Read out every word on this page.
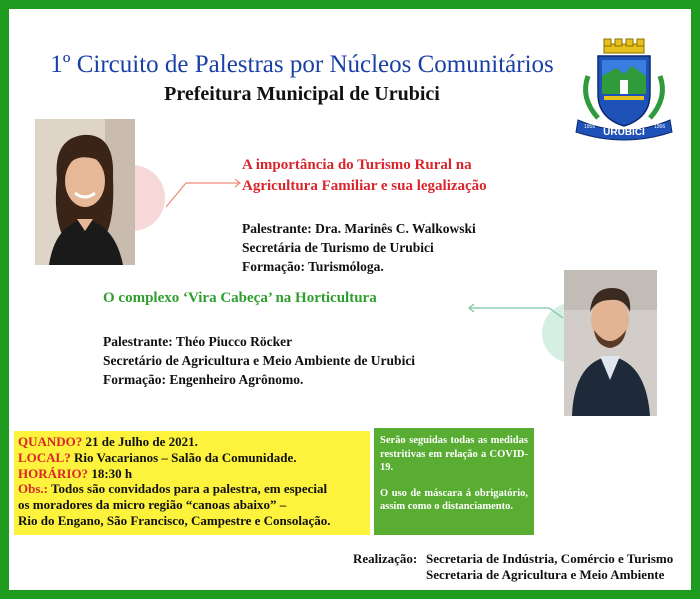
1º Circuito de Palestras por Núcleos Comunitários
Prefeitura Municipal de Urubici
URUBICI
1956	1956
A importância do Turismo Rural na
Agricultura Familiar e sua legalização
Palestrante: Dra. Marinês C. Walkowski
Secretária de Turismo de Urubici
Formação: Turismóloga.
O complexo ‘Vira Cabeça’ na Horticultura
Palestrante: Théo Piucco Röcker
Secretário de Agricultura e Meio Ambiente de Urubici
Formação: Engenheiro Agrônomo.
QUANDO? 21 de Julho de 2021.
LOCAL? Rio Vacarianos – Salão da Comunidade.
HORÁRIO? 18:30 h
Obs.: Todos são convidados para a palestra, em especial
os moradores da micro região “canoas abaixo” –
Rio do Engano, São Francisco, Campestre e Consolação.

Serão seguidas todas as medidas restritivas em relação a COVID-19.

O uso de máscara á obrigatório, assim como o distanciamento.

Realização: Secretaria de Indústria, Comércio e Turismo
Secretaria de Agricultura e Meio Ambiente
